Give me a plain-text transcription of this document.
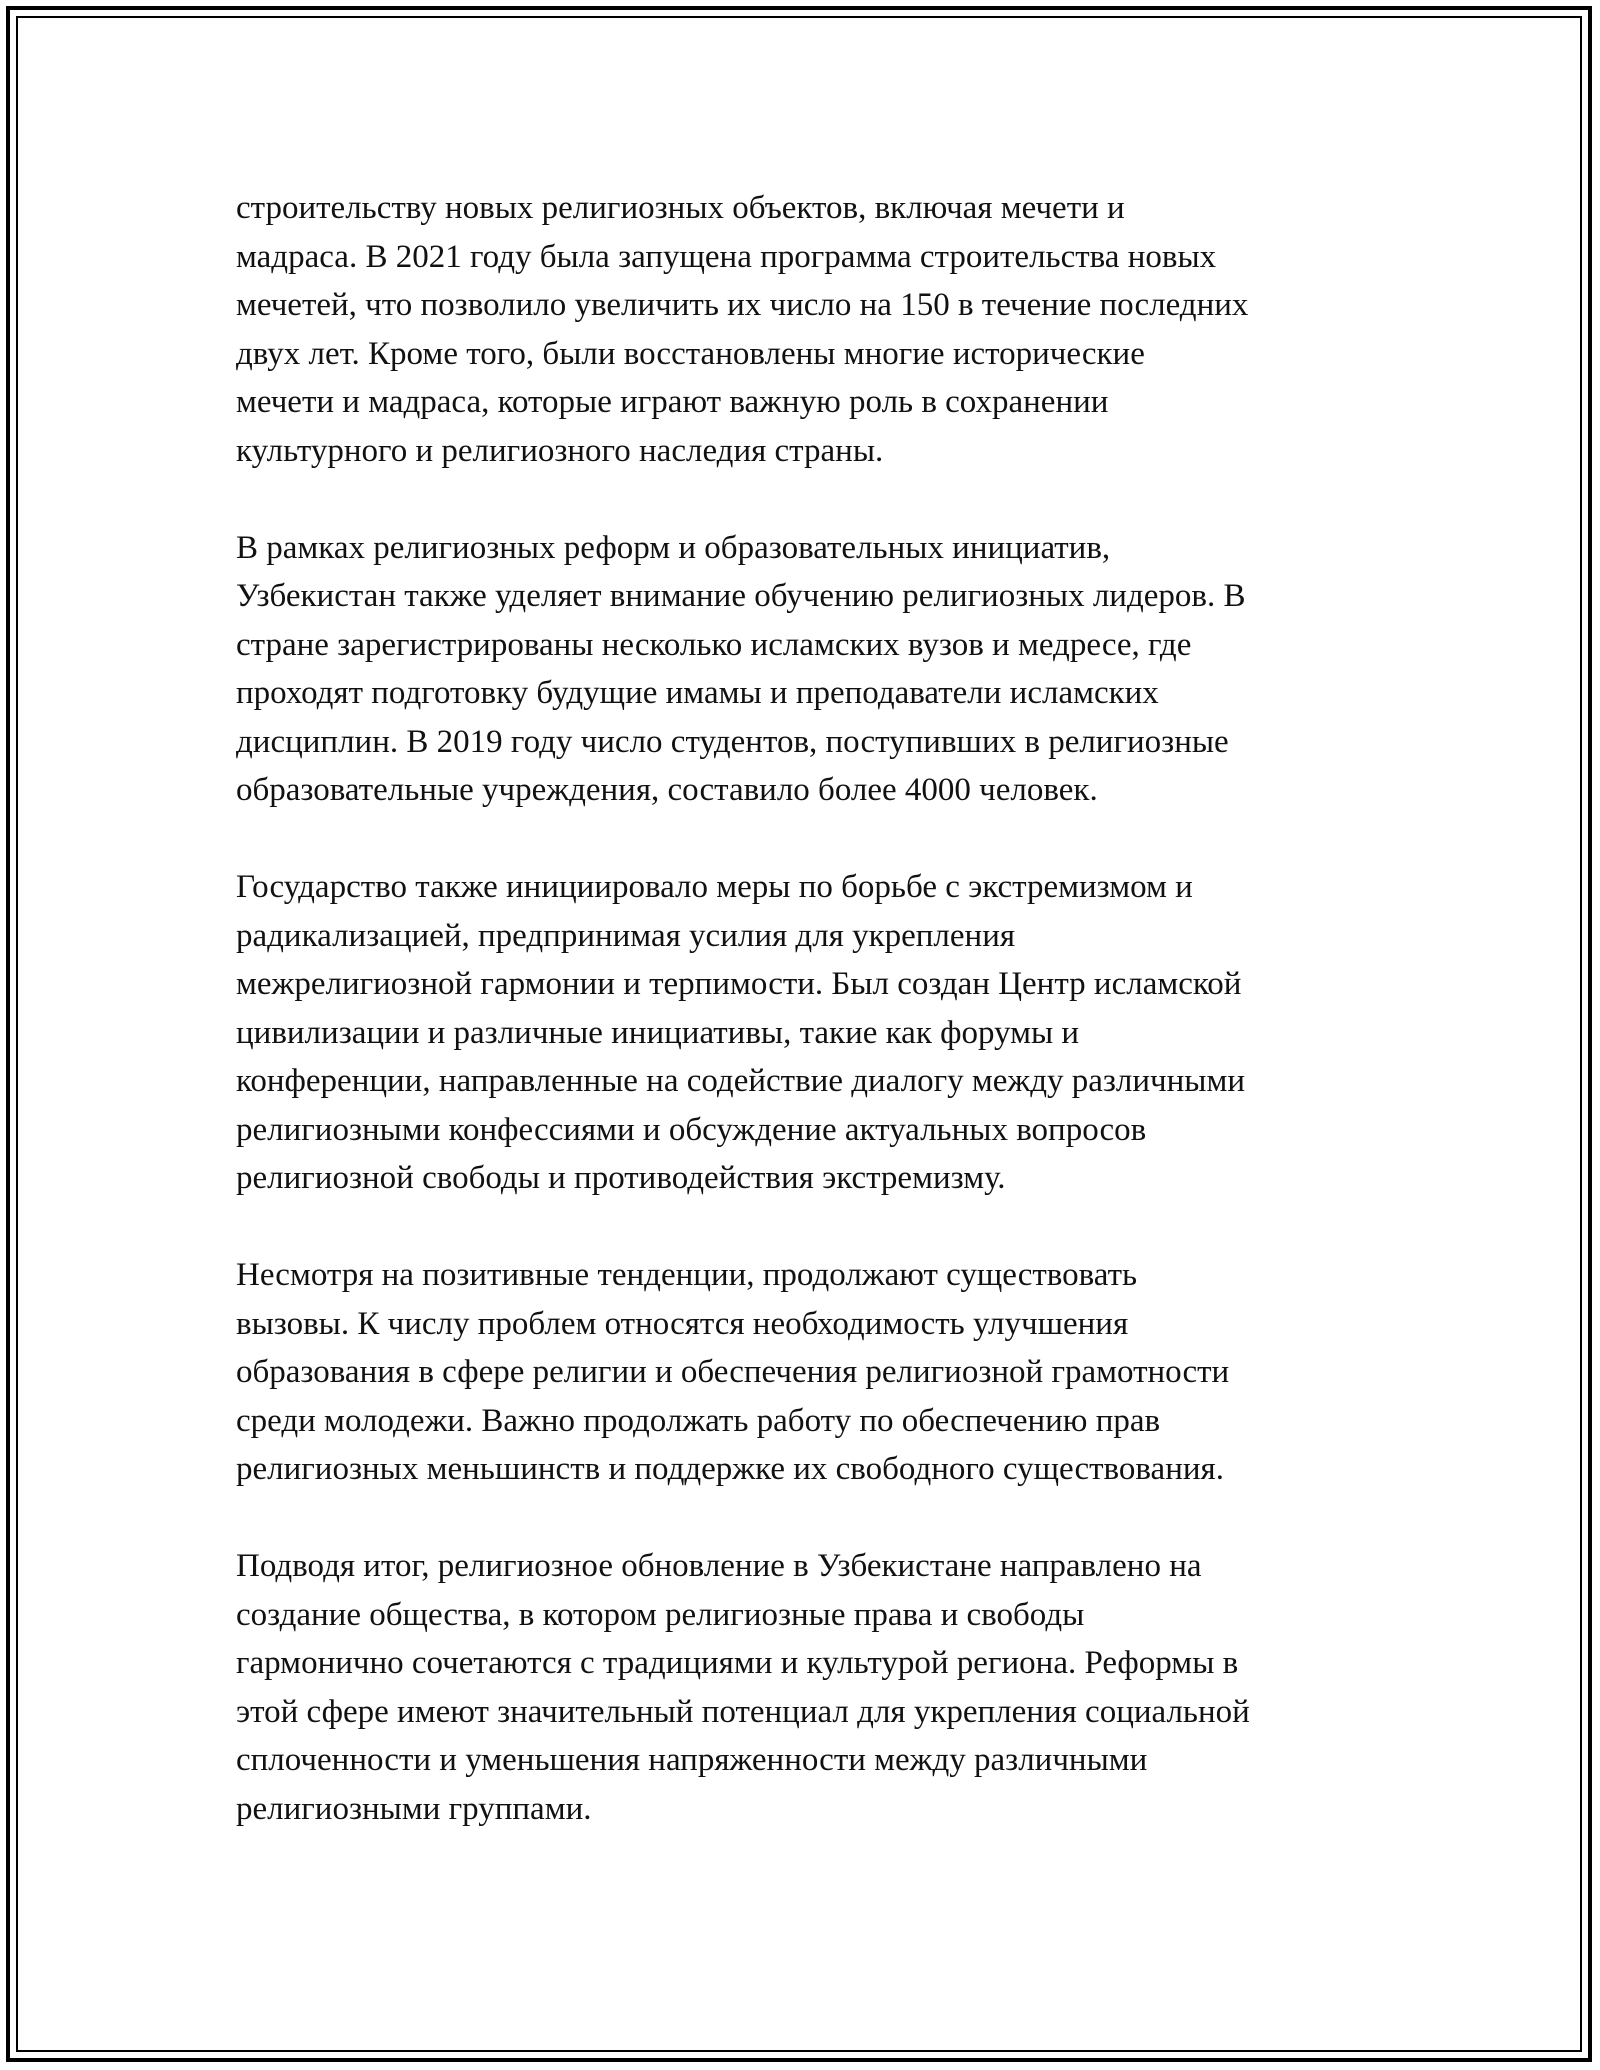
строительству новых религиозных объектов, включая мечети и
мадраса. В 2021 году была запущена программа строительства новых
мечетей, что позволило увеличить их число на 150 в течение последних
двух лет. Кроме того, были восстановлены многие исторические
мечети и мадраса, которые играют важную роль в сохранении
культурного и религиозного наследия страны.
В рамках религиозных реформ и образовательных инициатив,
Узбекистан также уделяет внимание обучению религиозных лидеров. В
стране зарегистрированы несколько исламских вузов и медресе, где
проходят подготовку будущие имамы и преподаватели исламских
дисциплин. В 2019 году число студентов, поступивших в религиозные
образовательные учреждения, составило более 4000 человек.
Государство также инициировало меры по борьбе с экстремизмом и
радикализацией, предпринимая усилия для укрепления
межрелигиозной гармонии и терпимости. Был создан Центр исламской
цивилизации и различные инициативы, такие как форумы и
конференции, направленные на содействие диалогу между различными
религиозными конфессиями и обсуждение актуальных вопросов
религиозной свободы и противодействия экстремизму.
Несмотря на позитивные тенденции, продолжают существовать
вызовы. К числу проблем относятся необходимость улучшения
образования в сфере религии и обеспечения религиозной грамотности
среди молодежи. Важно продолжать работу по обеспечению прав
религиозных меньшинств и поддержке их свободного существования.
Подводя итог, религиозное обновление в Узбекистане направлено на
создание общества, в котором религиозные права и свободы
гармонично сочетаются с традициями и культурой региона. Реформы в
этой сфере имеют значительный потенциал для укрепления социальной
сплоченности и уменьшения напряженности между различными
религиозными группами.
